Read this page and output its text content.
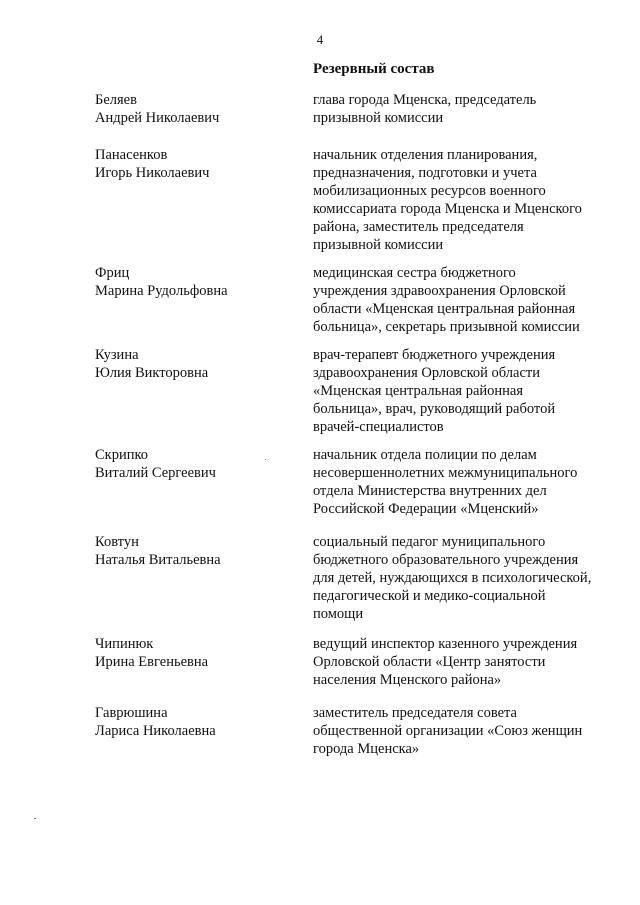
4
Резервный состав
Беляев
Андрей Николаевич
глава города Мценска, председатель
призывной комиссии
Панасенков
Игорь Николаевич
начальник отделения планирования,
предназначения, подготовки и учета
мобилизационных ресурсов военного
комиссариата города Мценска и Мценского
района, заместитель председателя
призывной комиссии
Фриц
Марина Рудольфовна
медицинская сестра бюджетного
учреждения здравоохранения Орловской
области «Мценская центральная районная
больница», секретарь призывной комиссии
Кузина
Юлия Викторовна
врач-терапевт бюджетного учреждения
здравоохранения Орловской области
«Мценская центральная районная
больница», врач, руководящий работой
врачей-специалистов
Скрипко
Виталий Сергеевич
начальник отдела полиции по делам
несовершеннолетних межмуниципального
отдела Министерства внутренних дел
Российской Федерации «Мценский»
Ковтун
Наталья Витальевна
социальный педагог муниципального
бюджетного образовательного учреждения
для детей, нуждающихся в психологической,
педагогической и медико-социальной
помощи
Чипинюк
Ирина Евгеньевна
ведущий инспектор казенного учреждения
Орловской области «Центр занятости
населения Мценского района»
Гаврюшина
Лариса Николаевна
заместитель председателя совета
общественной организации «Союз женщин
города Мценска»
